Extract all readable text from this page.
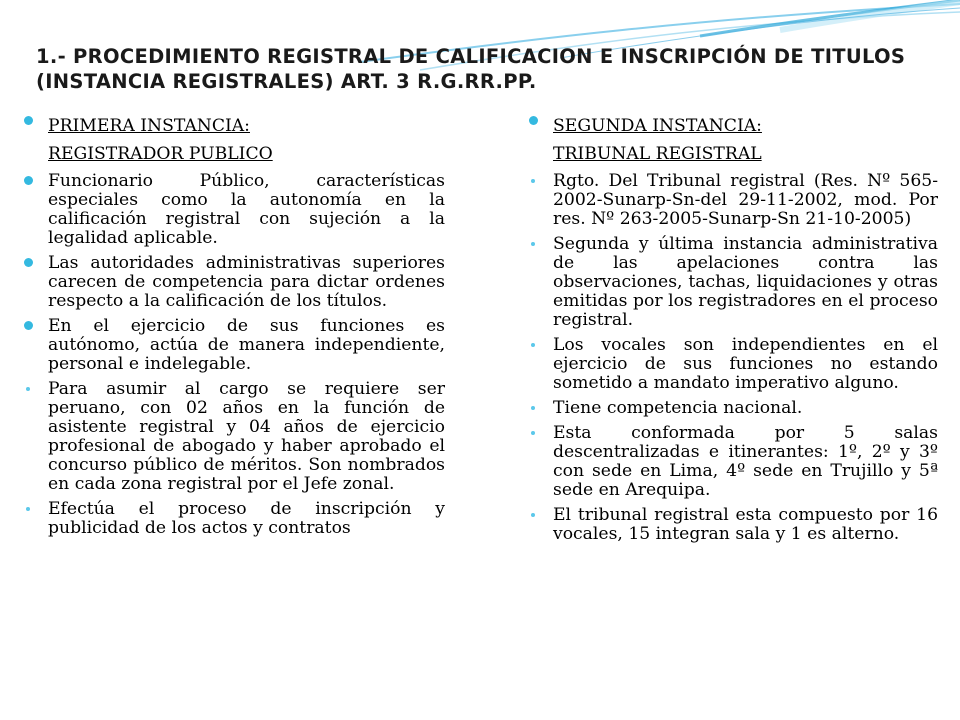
1.- PROCEDIMIENTO REGISTRAL DE CALIFICACION E INSCRIPCIÓN DE TITULOS (INSTANCIA REGISTRALES) ART. 3 R.G.RR.PP.
PRIMERA INSTANCIA:
REGISTRADOR PUBLICO
Funcionario Público, características especiales como la autonomía en la calificación registral con sujeción a la legalidad aplicable.
Las autoridades administrativas superiores carecen de competencia para dictar ordenes respecto a la calificación de los títulos.
En el ejercicio de sus funciones es autónomo, actúa de manera independiente, personal e indelegable.
Para asumir al cargo se requiere ser peruano, con 02 años en la función de asistente registral y 04 años de ejercicio profesional de abogado y haber aprobado el concurso público de méritos. Son nombrados en cada zona registral por el Jefe zonal.
Efectúa el proceso de inscripción y publicidad de los actos y contratos
SEGUNDA INSTANCIA:
TRIBUNAL REGISTRAL
Rgto. Del Tribunal registral (Res. Nº 565-2002-Sunarp-Sn-del 29-11-2002, mod. Por res. Nº 263-2005-Sunarp-Sn 21-10-2005)
Segunda y última instancia administrativa de las apelaciones contra las observaciones, tachas, liquidaciones y otras emitidas por los registradores en el proceso registral.
Los vocales son independientes en el ejercicio de sus funciones no estando sometido a mandato imperativo alguno.
Tiene competencia nacional.
Esta conformada por 5 salas descentralizadas e itinerantes: 1º, 2º y 3º con sede en Lima, 4º sede en Trujillo y 5ª sede en Arequipa.
El tribunal registral esta compuesto por 16 vocales, 15 integran sala y 1 es alterno.
